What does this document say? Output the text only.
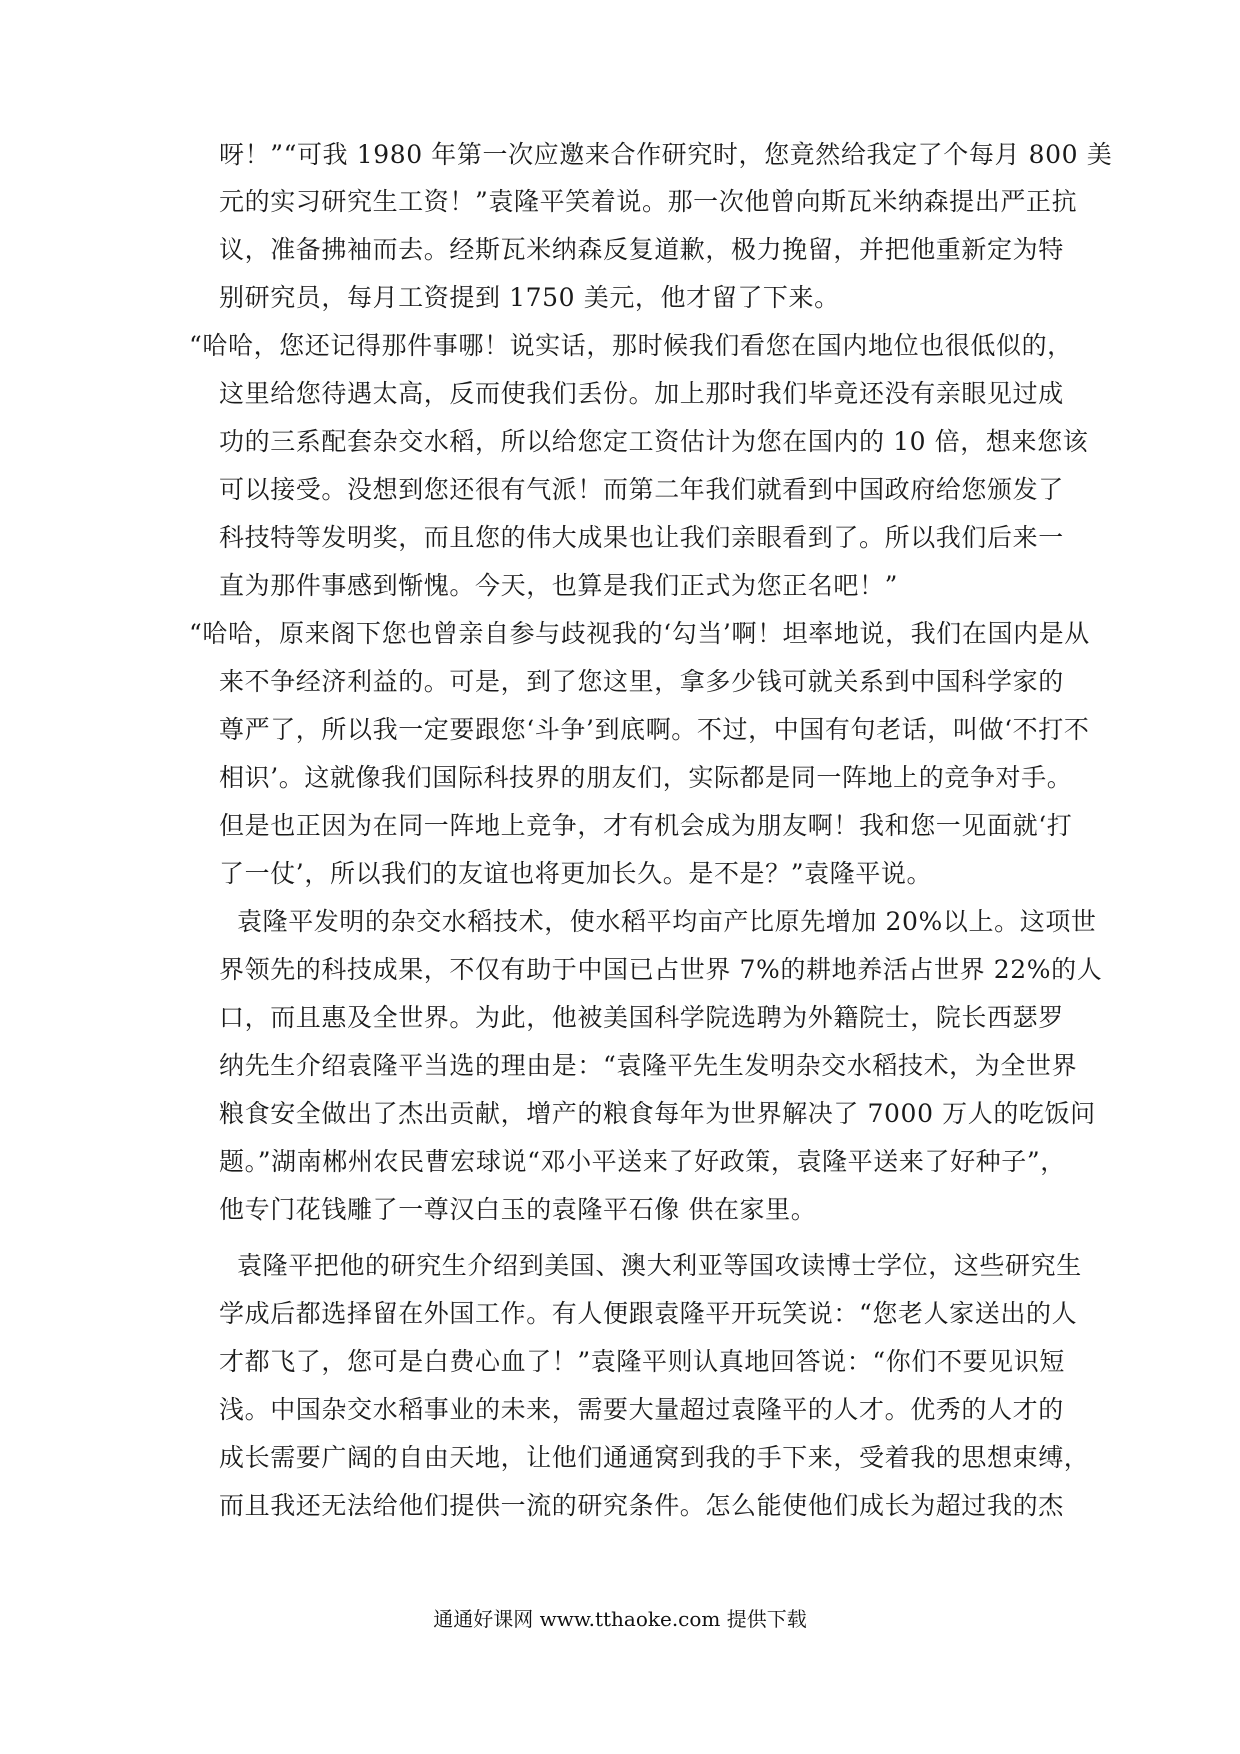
呀！”“可我 1980 年第一次应邀来合作研究时，您竟然给我定了个每月 800 美
元的实习研究生工资！”袁隆平笑着说。那一次他曾向斯瓦米纳森提出严正抗
议，准备拂袖而去。经斯瓦米纳森反复道歉，极力挽留，并把他重新定为特
别研究员，每月工资提到 1750 美元，他才留了下来。
“哈哈，您还记得那件事哪！说实话，那时候我们看您在国内地位也很低似的，
这里给您待遇太高，反而使我们丢份。加上那时我们毕竟还没有亲眼见过成
功的三系配套杂交水稻，所以给您定工资估计为您在国内的 10 倍，想来您该
可以接受。没想到您还很有气派！而第二年我们就看到中国政府给您颁发了
科技特等发明奖，而且您的伟大成果也让我们亲眼看到了。所以我们后来一
直为那件事感到惭愧。今天，也算是我们正式为您正名吧！”
“哈哈，原来阁下您也曾亲自参与歧视我的‘勾当’啊！坦率地说，我们在国内是从
来不争经济利益的。可是，到了您这里，拿多少钱可就关系到中国科学家的
尊严了，所以我一定要跟您‘斗争’到底啊。不过，中国有句老话，叫做‘不打不
相识’。这就像我们国际科技界的朋友们，实际都是同一阵地上的竞争对手。
但是也正因为在同一阵地上竞争，才有机会成为朋友啊！我和您一见面就‘打
了一仗’，所以我们的友谊也将更加长久。是不是？”袁隆平说。
袁隆平发明的杂交水稻技术，使水稻平均亩产比原先增加 20%以上。这项世
界领先的科技成果，不仅有助于中国已占世界 7%的耕地养活占世界 22%的人
口，而且惠及全世界。为此，他被美国科学院选聘为外籍院士，院长西瑟罗
纳先生介绍袁隆平当选的理由是：“袁隆平先生发明杂交水稻技术，为全世界
粮食安全做出了杰出贡献，增产的粮食每年为世界解决了 7000 万人的吃饭问
题。”湖南郴州农民曹宏球说“邓小平送来了好政策，袁隆平送来了好种子”，
他专门花钱雕了一尊汉白玉的袁隆平石像 供在家里。
袁隆平把他的研究生介绍到美国、澳大利亚等国攻读博士学位，这些研究生
学成后都选择留在外国工作。有人便跟袁隆平开玩笑说：“您老人家送出的人
才都飞了，您可是白费心血了！”袁隆平则认真地回答说：“你们不要见识短
浅。中国杂交水稻事业的未来，需要大量超过袁隆平的人才。优秀的人才的
成长需要广阔的自由天地，让他们通通窝到我的手下来，受着我的思想束缚，
而且我还无法给他们提供一流的研究条件。怎么能使他们成长为超过我的杰
通通好课网 www.tthaoke.com 提供下载
